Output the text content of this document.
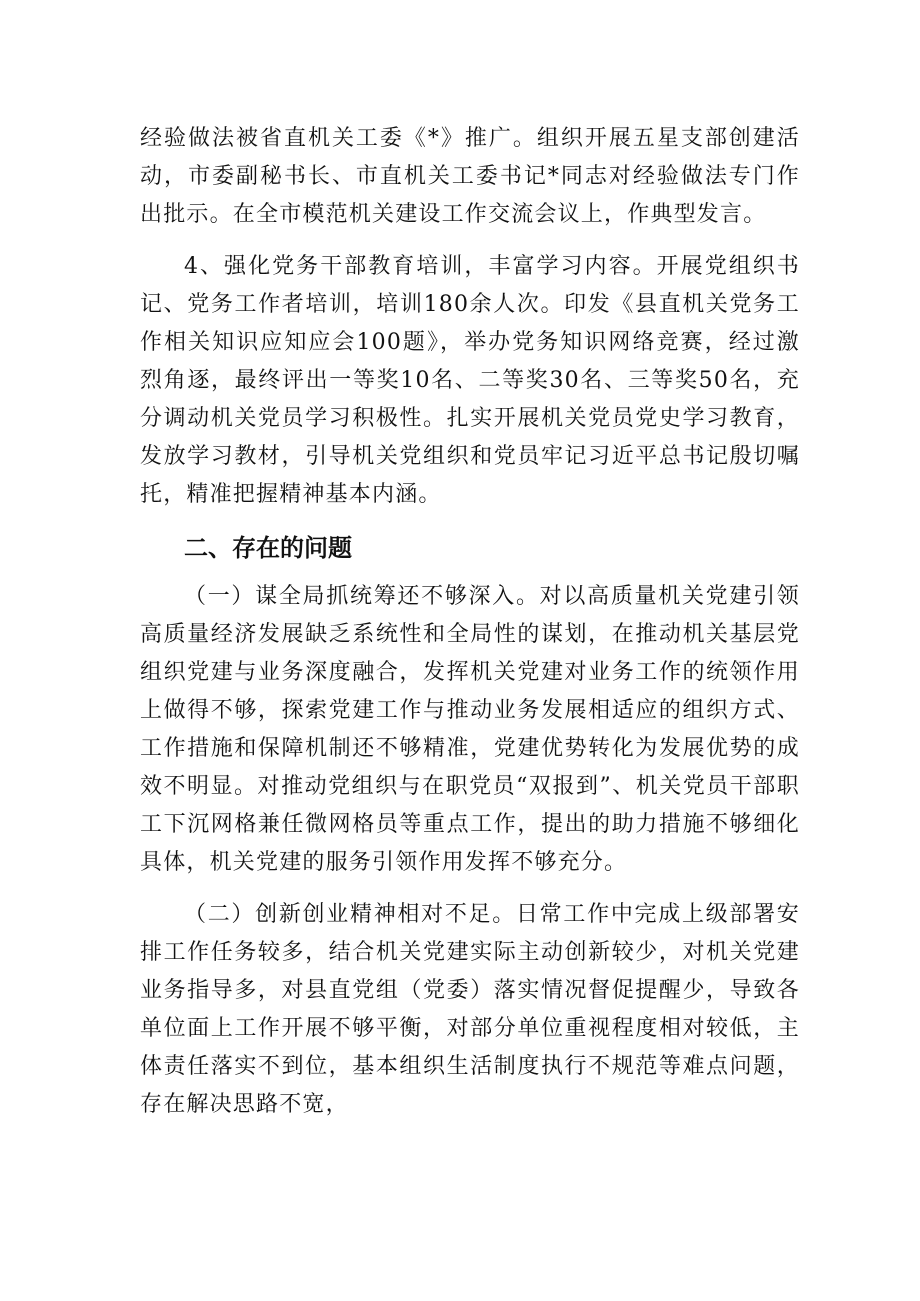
经验做法被省直机关工委《*》推广。组织开展五星支部创建活动，市委副秘书长、市直机关工委书记*同志对经验做法专门作出批示。在全市模范机关建设工作交流会议上，作典型发言。

4、强化党务干部教育培训，丰富学习内容。开展党组织书记、党务工作者培训，培训180余人次。印发《县直机关党务工作相关知识应知应会100题》，举办党务知识网络竞赛，经过激烈角逐，最终评出一等奖10名、二等奖30名、三等奖50名，充分调动机关党员学习积极性。扎实开展机关党员党史学习教育，发放学习教材，引导机关党组织和党员牢记习近平总书记殷切嘱托，精准把握精神基本内涵。

二、存在的问题

（一）谋全局抓统筹还不够深入。对以高质量机关党建引领高质量经济发展缺乏系统性和全局性的谋划，在推动机关基层党组织党建与业务深度融合，发挥机关党建对业务工作的统领作用上做得不够，探索党建工作与推动业务发展相适应的组织方式、工作措施和保障机制还不够精准，党建优势转化为发展优势的成效不明显。对推动党组织与在职党员“双报到”、机关党员干部职工下沉网格兼任微网格员等重点工作，提出的助力措施不够细化具体，机关党建的服务引领作用发挥不够充分。

（二）创新创业精神相对不足。日常工作中完成上级部署安排工作任务较多，结合机关党建实际主动创新较少，对机关党建业务指导多，对县直党组（党委）落实情况督促提醒少，导致各单位面上工作开展不够平衡，对部分单位重视程度相对较低，主体责任落实不到位，基本组织生活制度执行不规范等难点问题，存在解决思路不宽，
